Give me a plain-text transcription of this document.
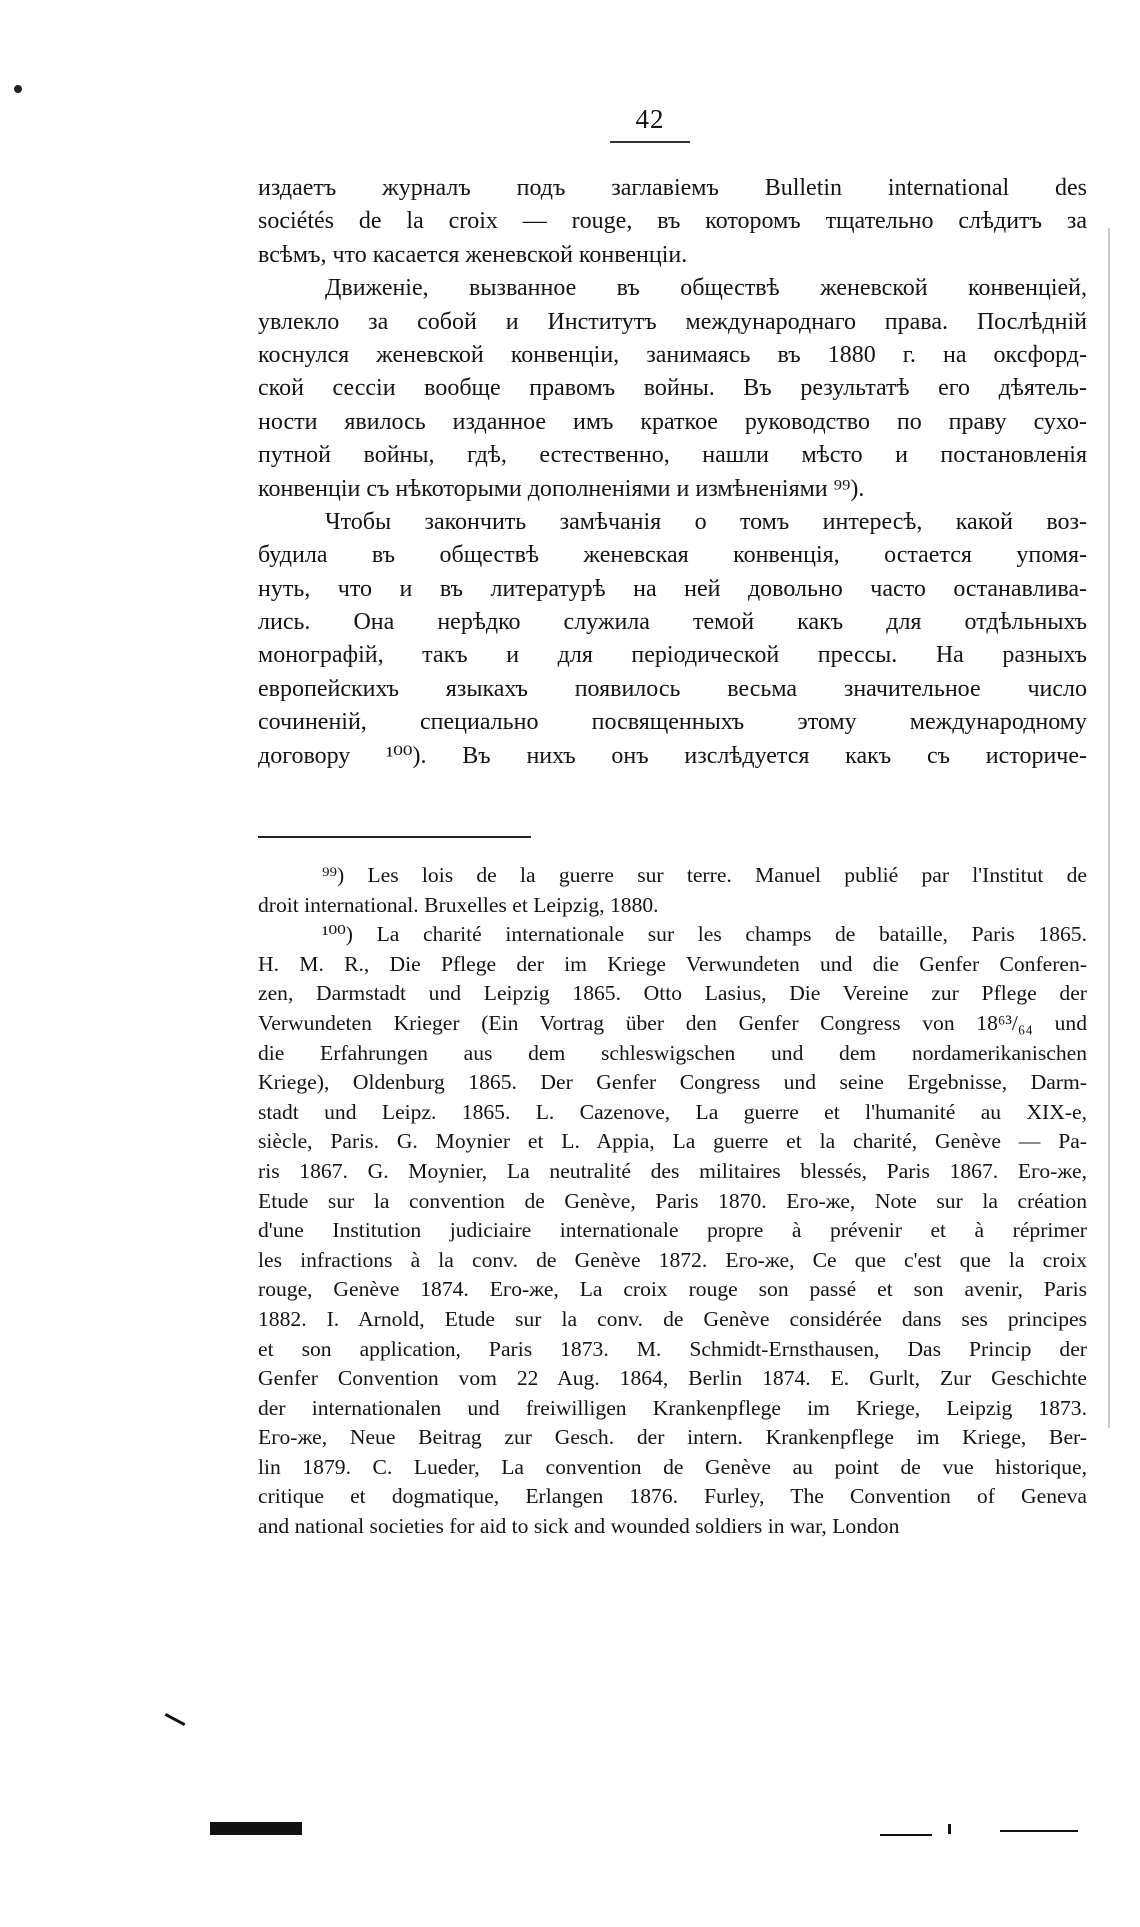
42
издаетъ журналъ подъ заглавіемъ Bulletin international des
sociétés de la croix — rouge, въ которомъ тщательно слѣдитъ за
всѣмъ, что касается женевской конвенціи.
Движеніе, вызванное въ обществѣ женевской конвенціей,
увлекло за собой и Институтъ международнаго права. Послѣдній
коснулся женевской конвенціи, занимаясь въ 1880 г. на оксфорд-
ской сессіи вообще правомъ войны. Въ результатѣ его дѣятель-
ности явилось изданное имъ краткое руководство по праву сухо-
путной войны, гдѣ, естественно, нашли мѣсто и постановленія
конвенціи съ нѣкоторыми дополненіями и измѣненіями ⁹⁹).
Чтобы закончить замѣчанія о томъ интересѣ, какой воз-
будила въ обществѣ женевская конвенція, остается упомя-
нуть, что и въ литературѣ на ней довольно часто останавлива-
лись. Она нерѣдко служила темой какъ для отдѣльныхъ
монографій, такъ и для періодической прессы. На разныхъ
европейскихъ языкахъ появилось весьма значительное число
сочиненій, специально посвященныхъ этому международному
договору ¹⁰⁰). Въ нихъ онъ изслѣдуется какъ съ историче-
⁹⁹) Les lois de la guerre sur terre. Manuel publié par l'Institut de
droit international. Bruxelles et Leipzig, 1880.
¹⁰⁰) La charité internationale sur les champs de bataille, Paris 1865.
H. M. R., Die Pflege der im Kriege Verwundeten und die Genfer Conferen-
zen, Darmstadt und Leipzig 1865. Otto Lasius, Die Vereine zur Pflege der
Verwundeten Krieger (Ein Vortrag über den Genfer Congress von 18⁶³/₆₄ und
die Erfahrungen aus dem schleswigschen und dem nordamerikanischen
Kriege), Oldenburg 1865. Der Genfer Congress und seine Ergebnisse, Darm-
stadt und Leipz. 1865. L. Cazenove, La guerre et l'humanité au XIX-e,
siècle, Paris. G. Moynier et L. Appia, La guerre et la charité, Genève — Pa-
ris 1867. G. Moynier, La neutralité des militaires blessés, Paris 1867. Его-же,
Etude sur la convention de Genève, Paris 1870. Его-же, Note sur la création
d'une Institution judiciaire internationale propre à prévenir et à réprimer
les infractions à la conv. de Genève 1872. Его-же, Ce que c'est que la croix
rouge, Genève 1874. Его-же, La croix rouge son passé et son avenir, Paris
1882. I. Arnold, Etude sur la conv. de Genève considérée dans ses principes
et son application, Paris 1873. M. Schmidt-Ernsthausen, Das Princip der
Genfer Convention vom 22 Aug. 1864, Berlin 1874. E. Gurlt, Zur Geschichte
der internationalen und freiwilligen Krankenpflege im Kriege, Leipzig 1873.
Его-же, Neue Beitrag zur Gesch. der intern. Krankenpflege im Kriege, Ber-
lin 1879. C. Lueder, La convention de Genève au point de vue historique,
critique et dogmatique, Erlangen 1876. Furley, The Convention of Geneva
and national societies for aid to sick and wounded soldiers in war, London
